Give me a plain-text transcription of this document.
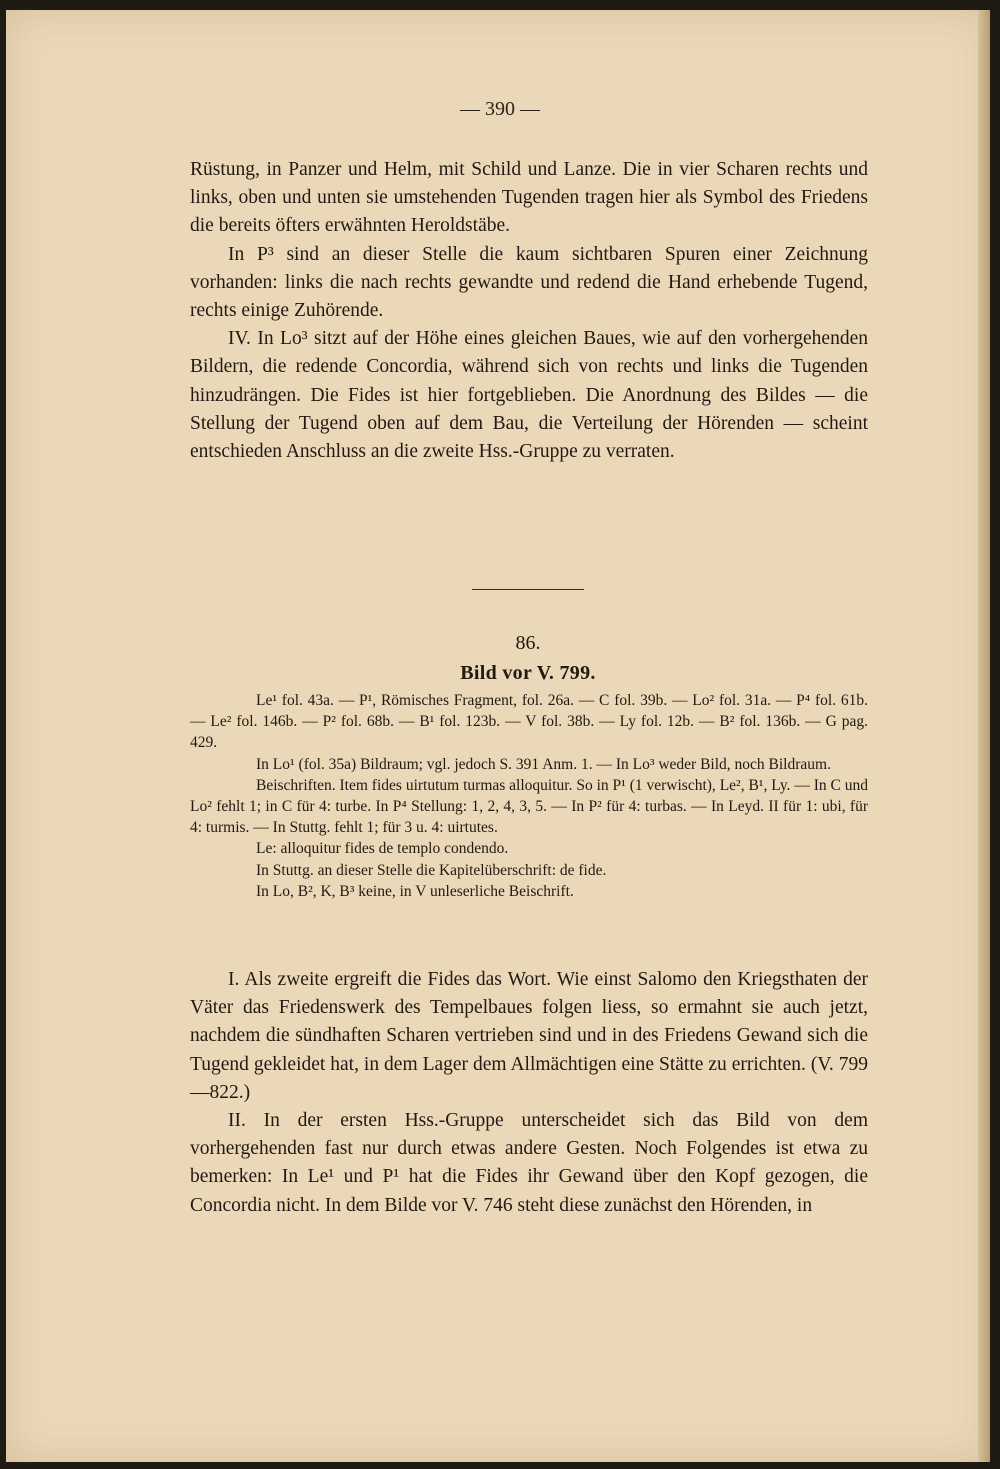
— 390 —

Rüstung, in Panzer und Helm, mit Schild und Lanze. Die in vier Scharen rechts und links, oben und unten sie umstehenden Tugenden tragen hier als Symbol des Friedens die bereits öfters erwähnten Heroldstäbe.

In P³ sind an dieser Stelle die kaum sichtbaren Spuren einer Zeichnung vorhanden: links die nach rechts gewandte und redend die Hand erhebende Tugend, rechts einige Zuhörende.

IV. In Lo³ sitzt auf der Höhe eines gleichen Baues, wie auf den vorhergehenden Bildern, die redende Concordia, während sich von rechts und links die Tugenden hinzudrängen. Die Fides ist hier fortgeblieben. Die Anordnung des Bildes — die Stellung der Tugend oben auf dem Bau, die Verteilung der Hörenden — scheint entschieden Anschluss an die zweite Hss.-Gruppe zu verraten.

86.
Bild vor V. 799.

Le¹ fol. 43a. — P¹, Römisches Fragment, fol. 26a. — C fol. 39b. — Lo² fol. 31a. — P⁴ fol. 61b. — Le² fol. 146b. — P² fol. 68b. — B¹ fol. 123b. — V fol. 38b. — Ly fol. 12b. — B² fol. 136b. — G pag. 429.

In Lo¹ (fol. 35a) Bildraum; vgl. jedoch S. 391 Anm. 1. — In Lo³ weder Bild, noch Bildraum.

Beischriften. Item fides uirtutum turmas alloquitur. So in P¹ (1 verwischt), Le², B¹, Ly. — In C und Lo² fehlt 1; in C für 4: turbe. In P⁴ Stellung: 1, 2, 4, 3, 5. — In P² für 4: turbas. — In Leyd. II für 1: ubi, für 4: turmis. — In Stuttg. fehlt 1; für 3 u. 4: uirtutes.

Le: alloquitur fides de templo condendo.

In Stuttg. an dieser Stelle die Kapitelüberschrift: de fide.

In Lo, B², K, B³ keine, in V unleserliche Beischrift.

I. Als zweite ergreift die Fides das Wort. Wie einst Salomo den Kriegsthaten der Väter das Friedenswerk des Tempelbaues folgen liess, so ermahnt sie auch jetzt, nachdem die sündhaften Scharen vertrieben sind und in des Friedens Gewand sich die Tugend gekleidet hat, in dem Lager dem Allmächtigen eine Stätte zu errichten. (V. 799—822.)

II. In der ersten Hss.-Gruppe unterscheidet sich das Bild von dem vorhergehenden fast nur durch etwas andere Gesten. Noch Folgendes ist etwa zu bemerken: In Le¹ und P¹ hat die Fides ihr Gewand über den Kopf gezogen, die Concordia nicht. In dem Bilde vor V. 746 steht diese zunächst den Hörenden, in
